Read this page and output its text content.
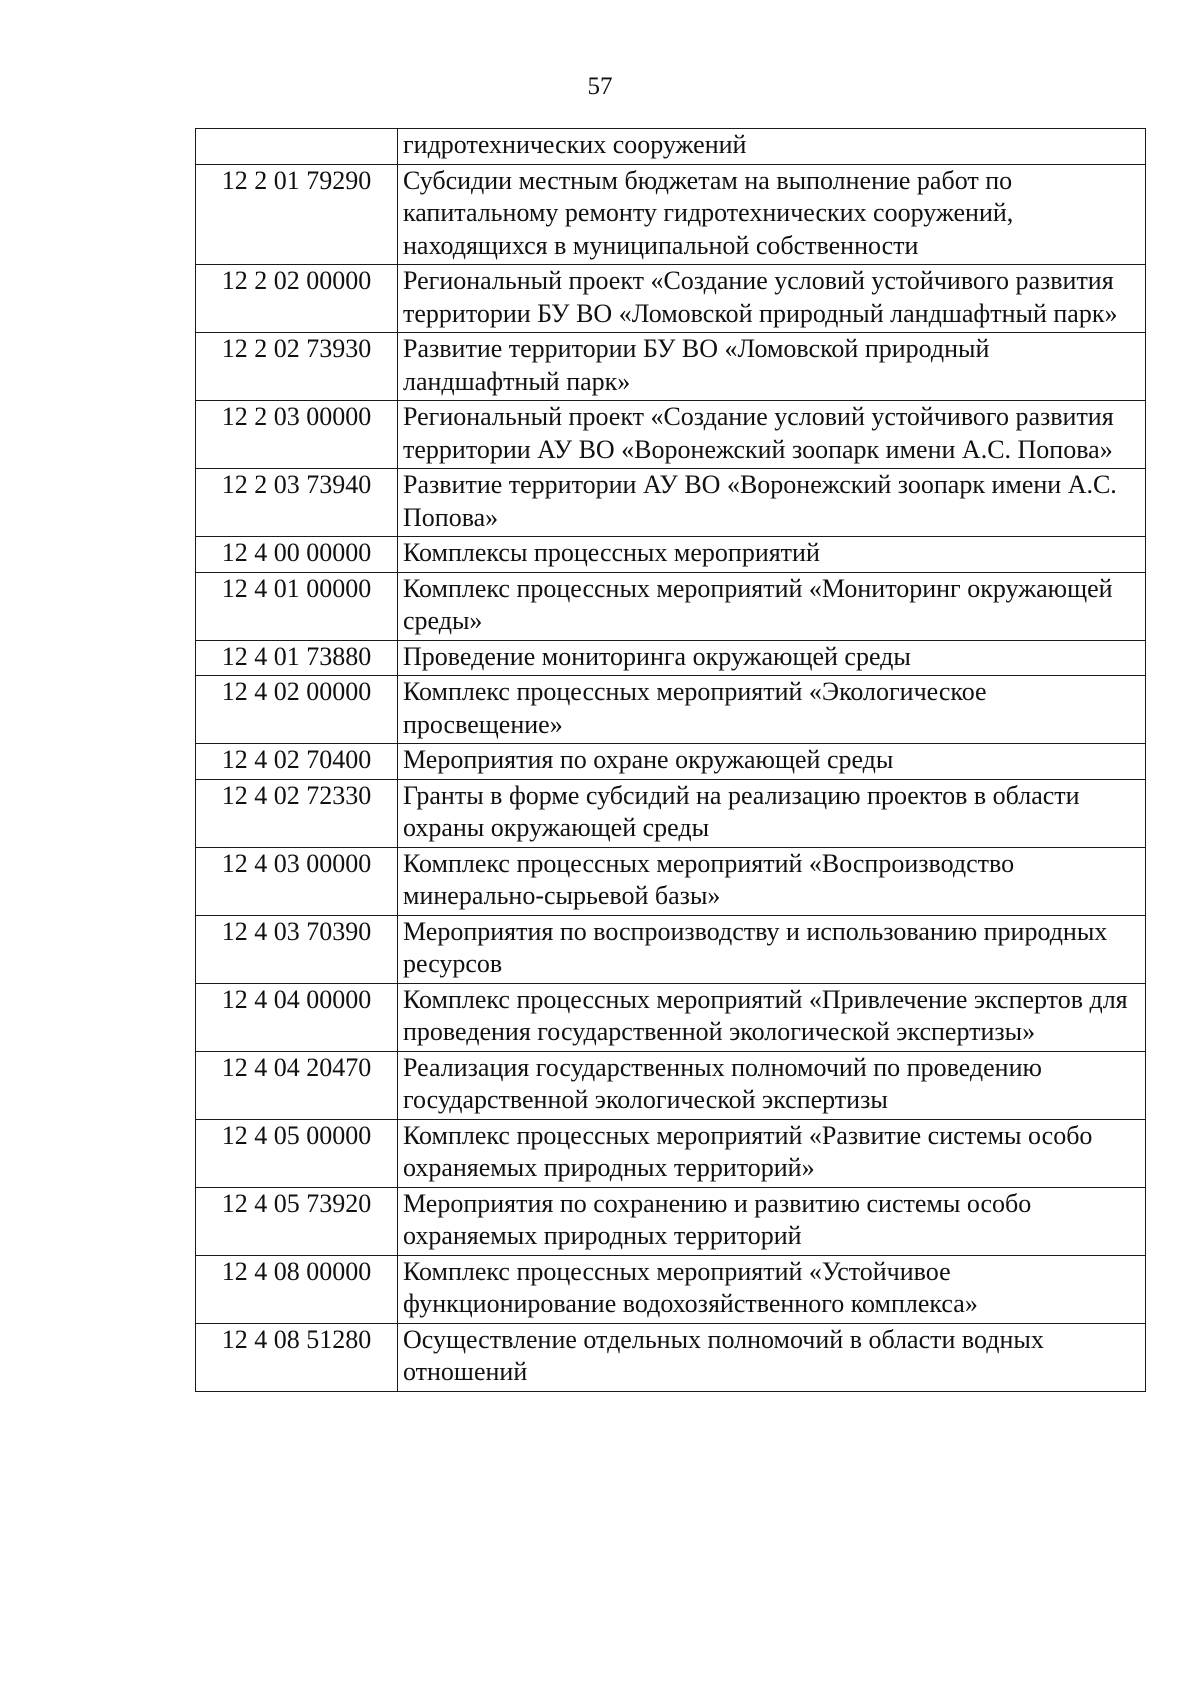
57
	гидротехнических сооружений
12 2 01 79290	Субсидии местным бюджетам на выполнение работ по капитальному ремонту гидротехнических сооружений, находящихся в муниципальной собственности
12 2 02 00000	Региональный проект «Создание условий устойчивого развития территории БУ ВО «Ломовской природный ландшафтный парк»
12 2 02 73930	Развитие территории БУ ВО «Ломовской природный ландшафтный парк»
12 2 03 00000	Региональный проект «Создание условий устойчивого развития территории АУ ВО «Воронежский зоопарк имени А.С. Попова»
12 2 03 73940	Развитие территории АУ ВО «Воронежский зоопарк имени А.С. Попова»
12 4 00 00000	Комплексы процессных мероприятий
12 4 01 00000	Комплекс процессных мероприятий «Мониторинг окружающей среды»
12 4 01 73880	Проведение мониторинга окружающей среды
12 4 02 00000	Комплекс процессных мероприятий «Экологическое просвещение»
12 4 02 70400	Мероприятия по охране окружающей среды
12 4 02 72330	Гранты в форме субсидий на реализацию проектов в области охраны окружающей среды
12 4 03 00000	Комплекс процессных мероприятий «Воспроизводство минерально-сырьевой базы»
12 4 03 70390	Мероприятия по воспроизводству и использованию природных ресурсов
12 4 04 00000	Комплекс процессных мероприятий «Привлечение экспертов для проведения государственной экологической экспертизы»
12 4 04 20470	Реализация государственных полномочий по проведению государственной экологической экспертизы
12 4 05 00000	Комплекс процессных мероприятий «Развитие системы особо охраняемых природных территорий»
12 4 05 73920	Мероприятия по сохранению и развитию системы особо охраняемых природных территорий
12 4 08 00000	Комплекс процессных мероприятий «Устойчивое функционирование водохозяйственного комплекса»
12 4 08 51280	Осуществление отдельных полномочий в области водных отношений
